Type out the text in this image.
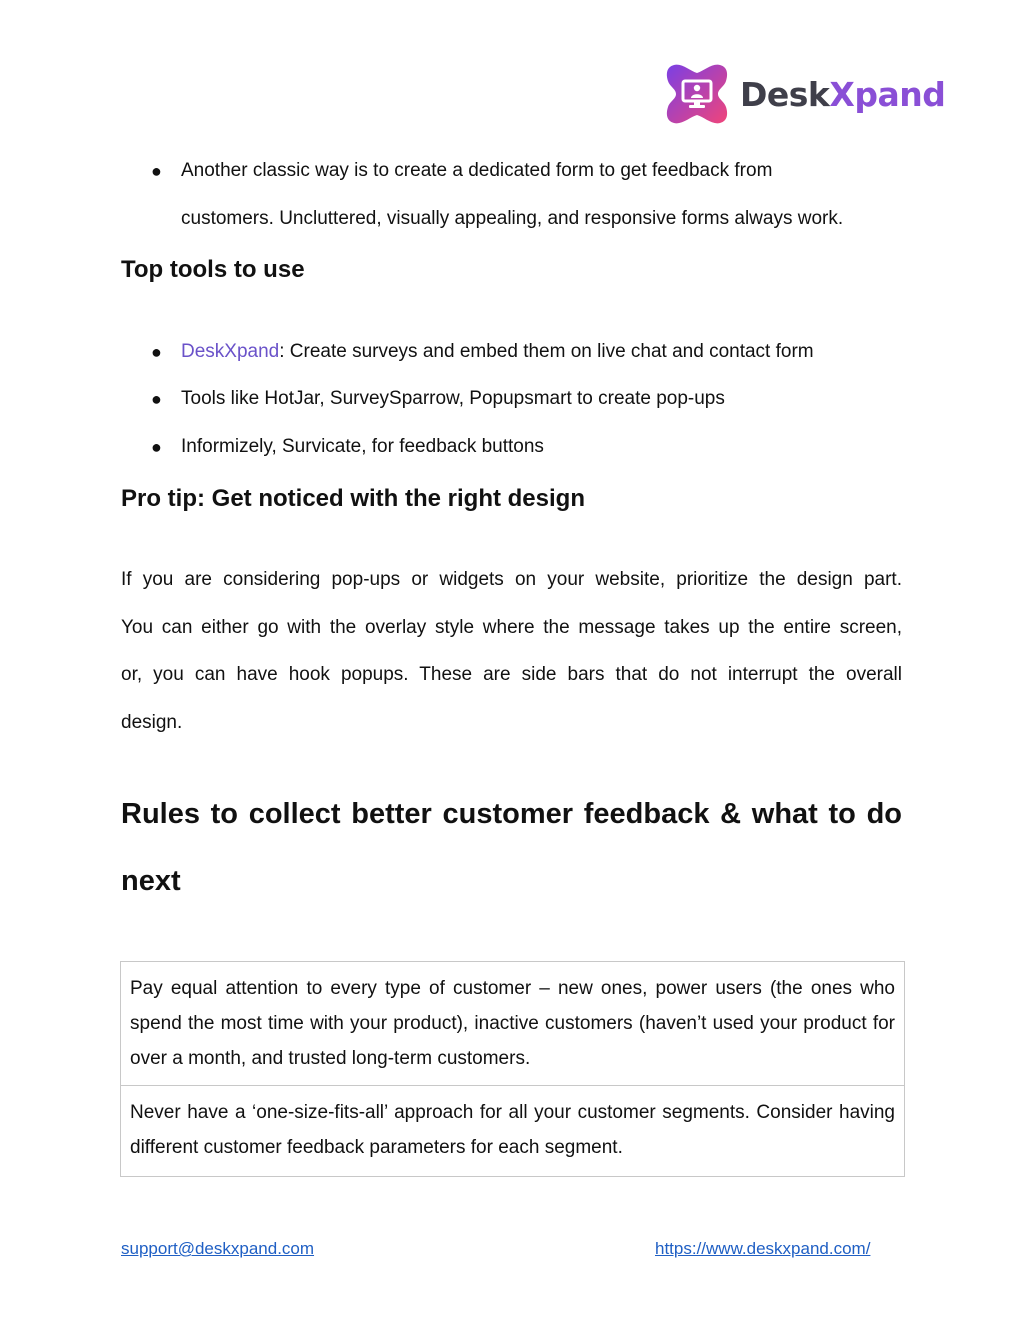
DeskXpand
● Another classic way is to create a dedicated form to get feedback from
customers. Uncluttered, visually appealing, and responsive forms always work.
Top tools to use
● DeskXpand: Create surveys and embed them on live chat and contact form
● Tools like HotJar, SurveySparrow, Popupsmart to create pop-ups
● Informizely, Survicate, for feedback buttons
Pro tip: Get noticed with the right design
If you are considering pop-ups or widgets on your website, prioritize the design part.
You can either go with the overlay style where the message takes up the entire screen,
or, you can have hook popups. These are side bars that do not interrupt the overall
design.
Rules to collect better customer feedback & what to do
next
Pay equal attention to every type of customer – new ones, power users (the ones who spend the most time with your product), inactive customers (haven’t used your product for over a month, and trusted long-term customers.
Never have a ‘one-size-fits-all’ approach for all your customer segments. Consider having different customer feedback parameters for each segment.
support@deskxpand.com	https://www.deskxpand.com/
